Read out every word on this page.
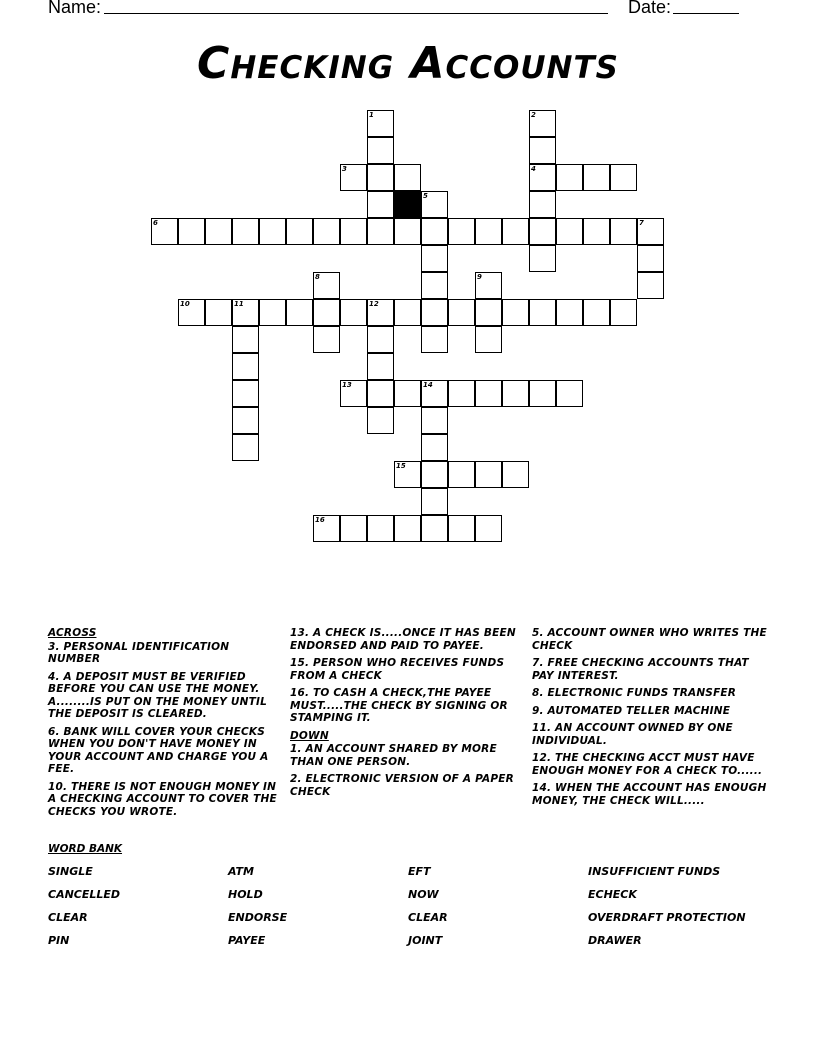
Name:	Date:
Checking Accounts
1	2
4
3
5
6	7
8	9
10	11	12
13	14
15
16
ACROSS
3. PERSONAL IDENTIFICATION NUMBER
4. A DEPOSIT MUST BE VERIFIED BEFORE YOU CAN USE THE MONEY. A........IS PUT ON THE MONEY UNTIL THE DEPOSIT IS CLEARED.
6. BANK WILL COVER YOUR CHECKS WHEN YOU DON'T HAVE MONEY IN YOUR ACCOUNT AND CHARGE YOU A FEE.
10. THERE IS NOT ENOUGH MONEY IN A CHECKING ACCOUNT TO COVER THE CHECKS YOU WROTE.
13. A CHECK IS.....ONCE IT HAS BEEN ENDORSED AND PAID TO PAYEE.
15. PERSON WHO RECEIVES FUNDS FROM A CHECK
16. TO CASH A CHECK,THE PAYEE MUST.....THE CHECK BY SIGNING OR STAMPING IT.
DOWN
1. AN ACCOUNT SHARED BY MORE THAN ONE PERSON.
2. ELECTRONIC VERSION OF A PAPER CHECK
5. ACCOUNT OWNER WHO WRITES THE CHECK
7. FREE CHECKING ACCOUNTS THAT PAY INTEREST.
8. ELECTRONIC FUNDS TRANSFER
9. AUTOMATED TELLER MACHINE
11. AN ACCOUNT OWNED BY ONE INDIVIDUAL.
12. THE CHECKING ACCT MUST HAVE ENOUGH MONEY FOR A CHECK TO......
14. WHEN THE ACCOUNT HAS ENOUGH MONEY, THE CHECK WILL.....
WORD BANK
SINGLE	ATM	EFT	INSUFFICIENT FUNDS
CANCELLED	HOLD	NOW	ECHECK
CLEAR	ENDORSE	CLEAR	OVERDRAFT PROTECTION
PIN	PAYEE	JOINT	DRAWER
